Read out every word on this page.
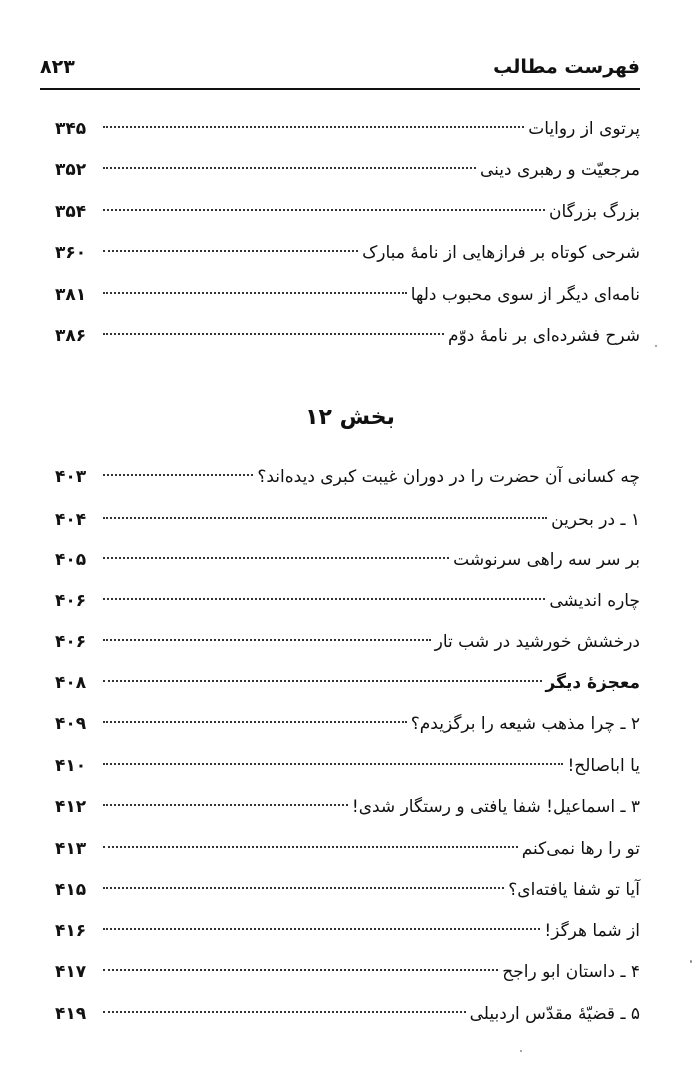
فهرست مطالب
۸۲۳
پرتوی از روایات
۳۴۵
مرجعیّت و رهبری دینی
۳۵۲
بزرگ بزرگان
۳۵۴
شرحی کوتاه بر فرازهایی از نامهٔ مبارک
۳۶۰
نامه‌ای دیگر از سوی محبوب دلها
۳۸۱
شرح فشرده‌ای بر نامهٔ دوّم
۳۸۶
بخش ۱۲
چه کسانی آن حضرت را در دوران غیبت کبری دیده‌اند؟
۴۰۳
۱ ـ در بحرین
۴۰۴
بر سر سه راهی سرنوشت
۴۰۵
چاره اندیشی
۴۰۶
درخشش خورشید در شب تار
۴۰۶
معجزهٔ دیگر
۴۰۸
۲ ـ چرا مذهب شیعه را برگزیدم؟
۴۰۹
یا اباصالح!
۴۱۰
۳ ـ اسماعیل! شفا یافتی و رستگار شدی!
۴۱۲
تو را رها نمی‌کنم
۴۱۳
آیا تو شفا یافته‌ای؟
۴۱۵
از شما هرگز!
۴۱۶
۴ ـ داستان ابو راجح
۴۱۷
۵ ـ قضیّهٔ مقدّس اردبیلی
۴۱۹
